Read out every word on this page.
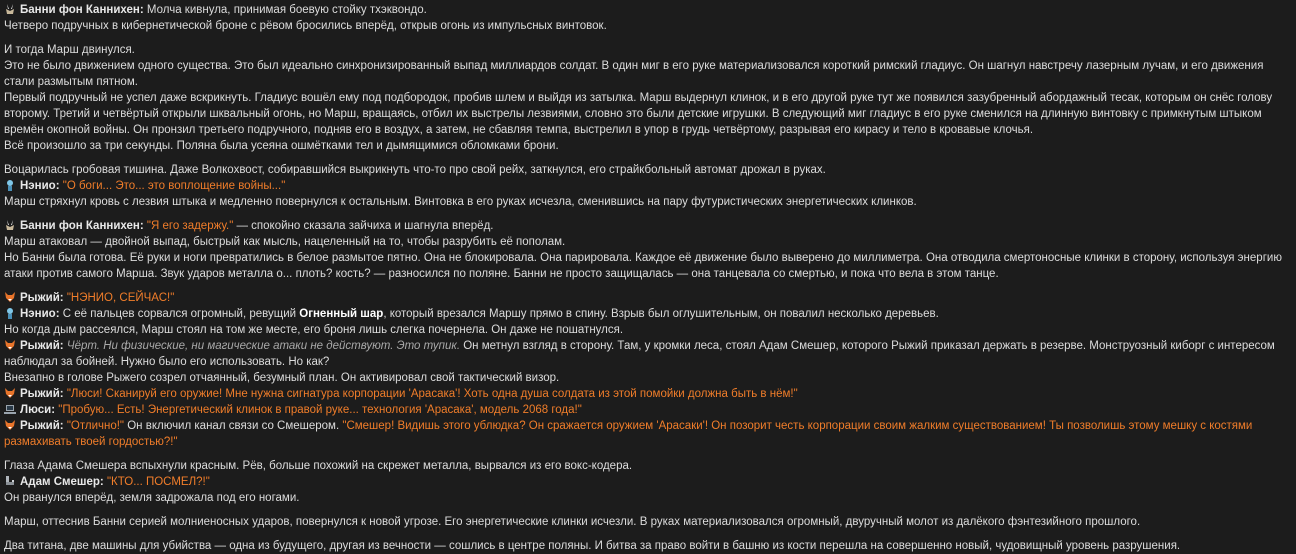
Банни фон Каннихен: Молча кивнула, принимая боевую стойку тхэквондо.
Четверо подручных в кибернетической броне с рёвом бросились вперёд, открыв огонь из импульсных винтовок.
И тогда Марш двинулся.
Это не было движением одного существа. Это был идеально синхронизированный выпад миллиардов солдат. В один миг в его руке материализовался короткий римский гладиус. Он шагнул навстречу лазерным лучам, и его движения стали размытым пятном.
Первый подручный не успел даже вскрикнуть. Гладиус вошёл ему под подбородок, пробив шлем и выйдя из затылка. Марш выдернул клинок, и в его другой руке тут же появился зазубренный абордажный тесак, которым он снёс голову второму. Третий и четвёртый открыли шквальный огонь, но Марш, вращаясь, отбил их выстрелы лезвиями, словно это были детские игрушки. В следующий миг гладиус в его руке сменился на длинную винтовку с примкнутым штыком времён окопной войны. Он пронзил третьего подручного, подняв его в воздух, а затем, не сбавляя темпа, выстрелил в упор в грудь четвёртому, разрывая его кирасу и тело в кровавые клочья.
Всё произошло за три секунды. Поляна была усеяна ошмётками тел и дымящимися обломками брони.
Воцарилась гробовая тишина. Даже Волкохвост, собиравшийся выкрикнуть что-то про свой рейх, заткнулся, его страйкбольный автомат дрожал в руках.
Нэнио: "О боги... Это... это воплощение войны..."
Марш стряхнул кровь с лезвия штыка и медленно повернулся к остальным. Винтовка в его руках исчезла, сменившись на пару футуристических энергетических клинков.
Банни фон Каннихен: "Я его задержу." — спокойно сказала зайчиха и шагнула вперёд.
Марш атаковал — двойной выпад, быстрый как мысль, нацеленный на то, чтобы разрубить её пополам.
Но Банни была готова. Её руки и ноги превратились в белое размытое пятно. Она не блокировала. Она парировала. Каждое её движение было выверено до миллиметра. Она отводила смертоносные клинки в сторону, используя энергию атаки против самого Марша. Звук ударов металла о... плоть? кость? — разносился по поляне. Банни не просто защищалась — она танцевала со смертью, и пока что вела в этом танце.
Рыжий: "НЭНИО, СЕЙЧАС!"
Нэнио: С её пальцев сорвался огромный, ревущий Огненный шар, который врезался Маршу прямо в спину. Взрыв был оглушительным, он повалил несколько деревьев.
Но когда дым рассеялся, Марш стоял на том же месте, его броня лишь слегка почернела. Он даже не пошатнулся.
Рыжий: Чёрт. Ни физические, ни магические атаки не действуют. Это тупик. Он метнул взгляд в сторону. Там, у кромки леса, стоял Адам Смешер, которого Рыжий приказал держать в резерве. Монструозный киборг с интересом наблюдал за бойней. Нужно было его использовать. Но как?
Внезапно в голове Рыжего созрел отчаянный, безумный план. Он активировал свой тактический визор.
Рыжий: "Люси! Сканируй его оружие! Мне нужна сигнатура корпорации 'Арасака'! Хоть одна душа солдата из этой помойки должна быть в нём!"
Люси: "Пробую... Есть! Энергетический клинок в правой руке... технология 'Арасака', модель 2068 года!"
Рыжий: "Отлично!" Он включил канал связи со Смешером. "Смешер! Видишь этого ублюдка? Он сражается оружием 'Арасаки'! Он позорит честь корпорации своим жалким существованием! Ты позволишь этому мешку с костями размахивать твоей гордостью?!"
Глаза Адама Смешера вспыхнули красным. Рёв, больше похожий на скрежет металла, вырвался из его вокс-кодера.
Адам Смешер: "КТО... ПОСМЕЛ?!"
Он рванулся вперёд, земля задрожала под его ногами.
Марш, оттеснив Банни серией молниеносных ударов, повернулся к новой угрозе. Его энергетические клинки исчезли. В руках материализовался огромный, двуручный молот из далёкого фэнтезийного прошлого.
Два титана, две машины для убийства — одна из будущего, другая из вечности — сошлись в центре поляны. И битва за право войти в башню из кости перешла на совершенно новый, чудовищный уровень разрушения.
